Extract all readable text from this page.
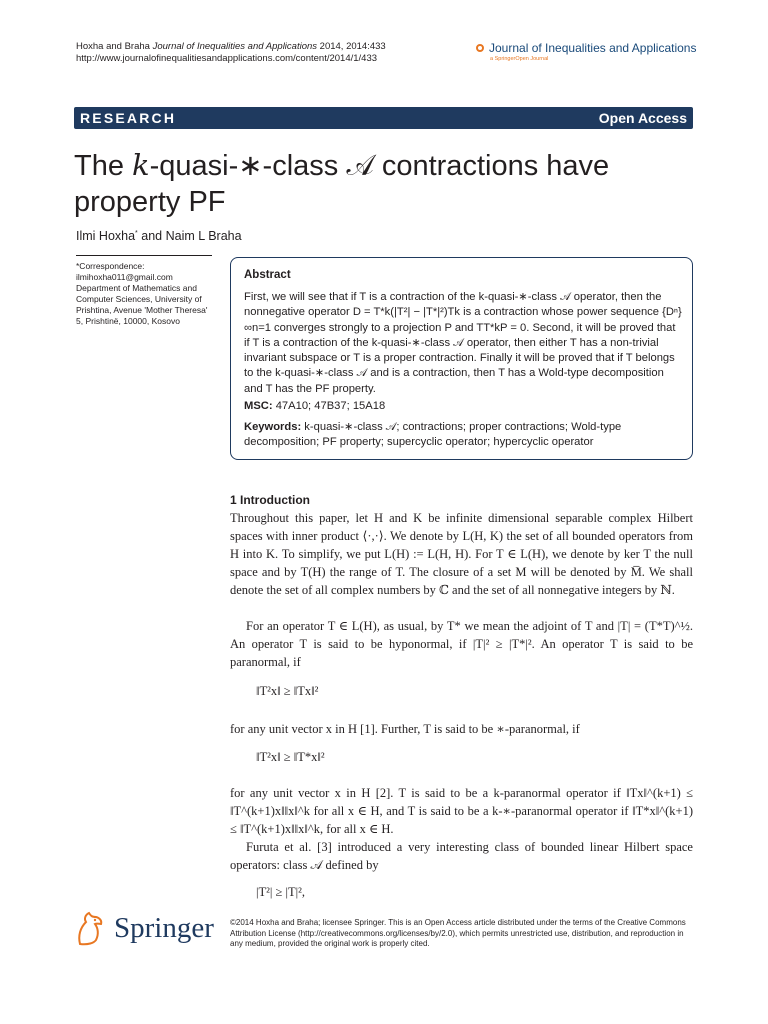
Hoxha and Braha Journal of Inequalities and Applications 2014, 2014:433
http://www.journalofinequalitiesandapplications.com/content/2014/1/433
Journal of Inequalities and Applications
a SpringerOpen Journal
RESEARCH	Open Access
The k-quasi-∗-class 𝒜 contractions have
property PF
Ilmi Hoxha* and Naim L Braha
*Correspondence:
ilmihoxha011@gmail.com
Department of Mathematics and Computer Sciences, University of Prishtina, Avenue 'Mother Theresa' 5, Prishtinë, 10000, Kosovo
Abstract
First, we will see that if T is a contraction of the k-quasi-∗-class 𝒜 operator, then the nonnegative operator D = T*k(|T²| − |T*|²)Tk is a contraction whose power sequence {Dⁿ}∞n=1 converges strongly to a projection P and TT*kP = 0. Second, it will be proved that if T is a contraction of the k-quasi-∗-class 𝒜 operator, then either T has a non-trivial invariant subspace or T is a proper contraction. Finally it will be proved that if T belongs to the k-quasi-∗-class 𝒜 and is a contraction, then T has a Wold-type decomposition and T has the PF property.
MSC: 47A10; 47B37; 15A18
Keywords: k-quasi-∗-class 𝒜; contractions; proper contractions; Wold-type decomposition; PF property; supercyclic operator; hypercyclic operator
1 Introduction
Throughout this paper, let H and K be infinite dimensional separable complex Hilbert spaces with inner product ⟨·,·⟩. We denote by L(H, K) the set of all bounded operators from H into K. To simplify, we put L(H) := L(H, H). For T ∈ L(H), we denote by ker T the null space and by T(H) the range of T. The closure of a set M will be denoted by M̅. We shall denote the set of all complex numbers by ℂ and the set of all nonnegative integers by ℕ.
For an operator T ∈ L(H), as usual, by T* we mean the adjoint of T and |T| = (T*T)^½. An operator T is said to be hyponormal, if |T|² ≥ |T*|². An operator T is said to be paranormal, if
‖T²x‖ ≥ ‖Tx‖²
for any unit vector x in H [1]. Further, T is said to be ∗-paranormal, if
‖T²x‖ ≥ ‖T*x‖²
for any unit vector x in H [2]. T is said to be a k-paranormal operator if ‖Tx‖^(k+1) ≤ ‖T^(k+1)x‖‖x‖^k for all x ∈ H, and T is said to be a k-∗-paranormal operator if ‖T*x‖^(k+1) ≤ ‖T^(k+1)x‖‖x‖^k, for all x ∈ H.
Furuta et al. [3] introduced a very interesting class of bounded linear Hilbert space operators: class 𝒜 defined by
|T²| ≥ |T|²,
Springer ©2014 Hoxha and Braha; licensee Springer. This is an Open Access article distributed under the terms of the Creative Commons Attribution License (http://creativecommons.org/licenses/by/2.0), which permits unrestricted use, distribution, and reproduction in any medium, provided the original work is properly cited.
